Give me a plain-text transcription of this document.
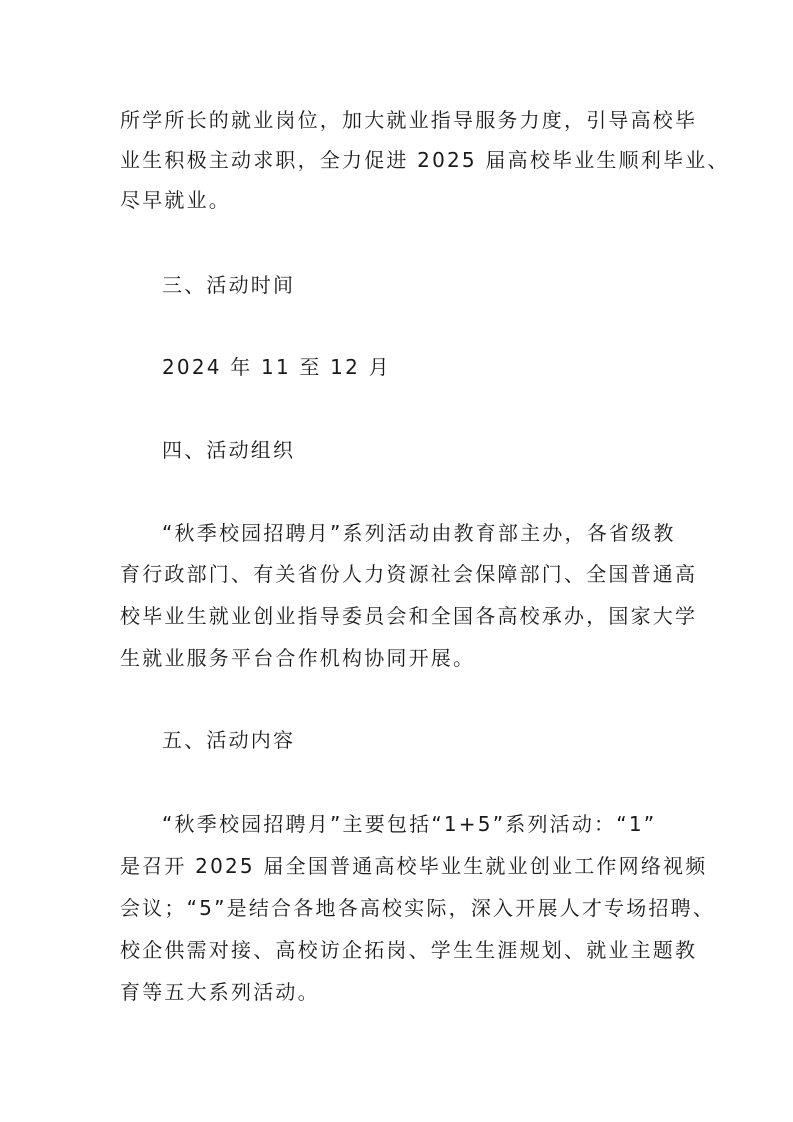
所学所长的就业岗位，加大就业指导服务力度，引导高校毕
业生积极主动求职，全力促进 2025 届高校毕业生顺利毕业、
尽早就业。
三、活动时间
2024 年 11 至 12 月
四、活动组织
“秋季校园招聘月”系列活动由教育部主办，各省级教
育行政部门、有关省份人力资源社会保障部门、全国普通高
校毕业生就业创业指导委员会和全国各高校承办，国家大学
生就业服务平台合作机构协同开展。
五、活动内容
“秋季校园招聘月”主要包括“1+5”系列活动：“1”
是召开 2025 届全国普通高校毕业生就业创业工作网络视频
会议；“5”是结合各地各高校实际，深入开展人才专场招聘、
校企供需对接、高校访企拓岗、学生生涯规划、就业主题教
育等五大系列活动。
